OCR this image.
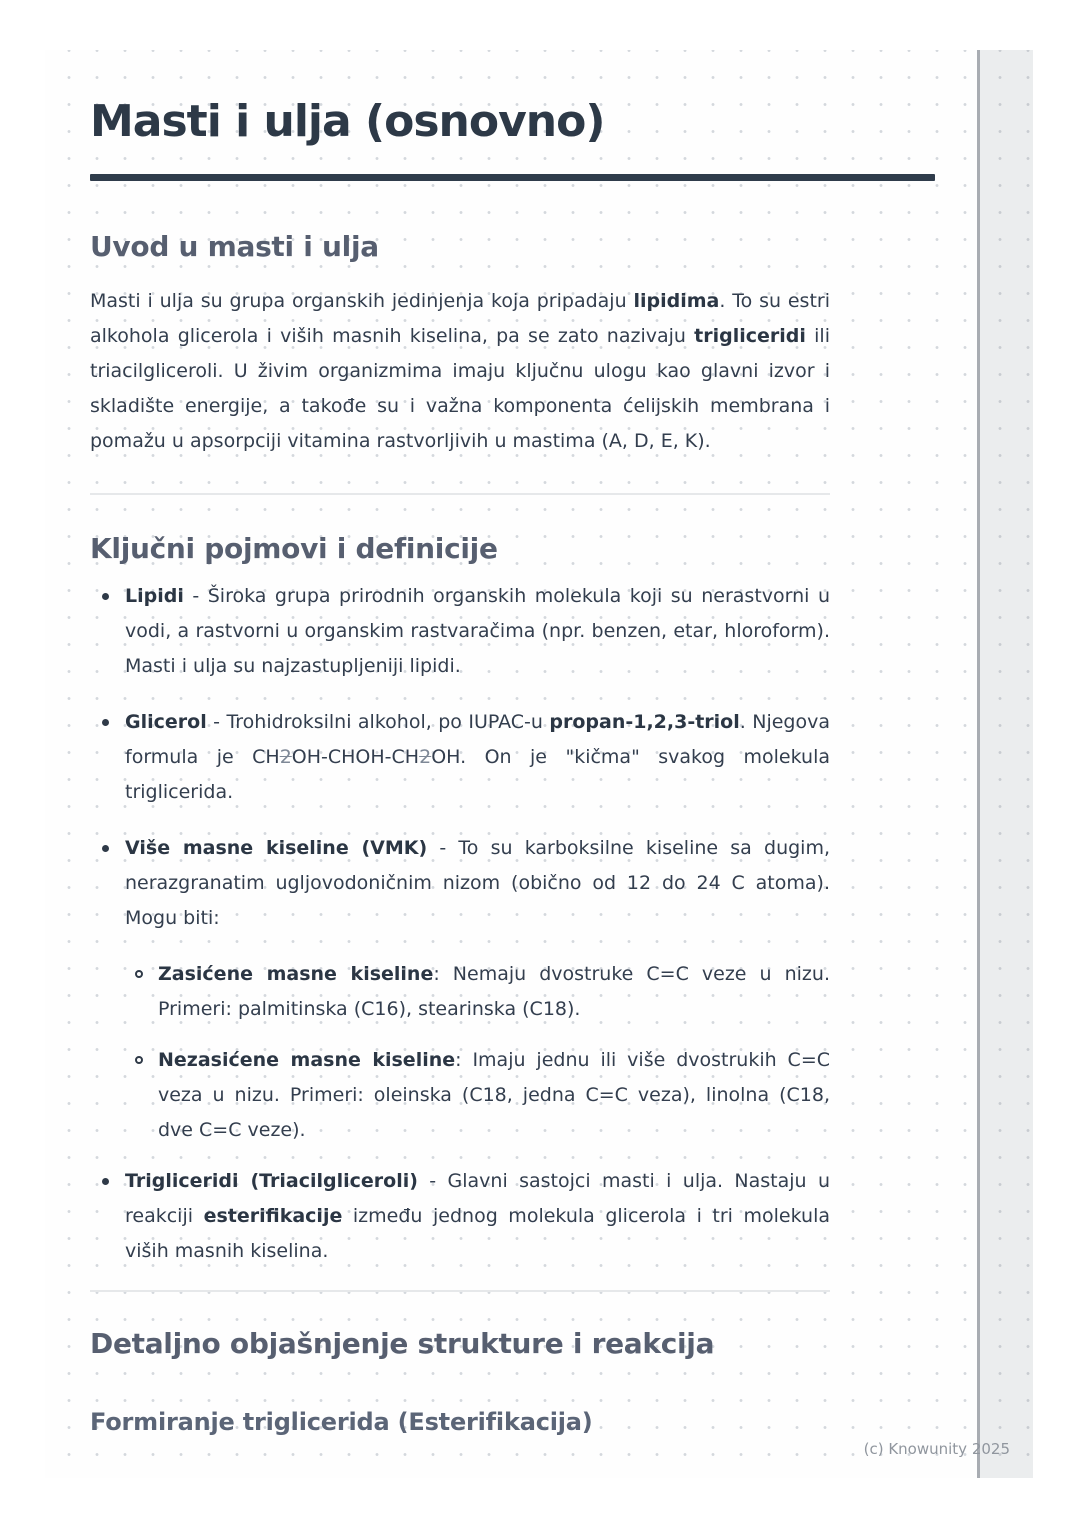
Masti i ulja (osnovno)
Uvod u masti i ulja

Masti i ulja su grupa organskih jedinjenja koja pripadaju lipidima. To su estri alkohola glicerola i viših masnih kiselina, pa se zato nazivaju trigliceridi ili triacilgliceroli. U živim organizmima imaju ključnu ulogu kao glavni izvor i skladište energije, a takođe su i važna komponenta ćelijskih membrana i pomažu u apsorpciji vitamina rastvorljivih u mastima (A, D, E, K).

Ključni pojmovi i definicije
Lipidi - Široka grupa prirodnih organskih molekula koji su nerastvorni u vodi, a rastvorni u organskim rastvaračima (npr. benzen, etar, hloroform). Masti i ulja su najzastupljeniji lipidi.
Glicerol - Trohidroksilni alkohol, po IUPAC-u propan-1,2,3-triol. Njegova formula je CH2OH-CHOH-CH2OH. On je "kičma" svakog molekula triglicerida.
Više masne kiseline (VMK) - To su karboksilne kiseline sa dugim, nerazgranatim ugljovodoničnim nizom (obično od 12 do 24 C atoma). Mogu biti:
Zasićene masne kiseline: Nemaju dvostruke C=C veze u nizu. Primeri: palmitinska (C16), stearinska (C18).
Nezasićene masne kiseline: Imaju jednu ili više dvostrukih C=C veza u nizu. Primeri: oleinska (C18, jedna C=C veza), linolna (C18, dve C=C veze).
Trigliceridi (Triacilgliceroli) - Glavni sastojci masti i ulja. Nastaju u reakciji esterifikacije između jednog molekula glicerola i tri molekula viših masnih kiselina.
Detaljno objašnjenje strukture i reakcija
Formiranje triglicerida (Esterifikacija)
(c) Knowunity 2025
